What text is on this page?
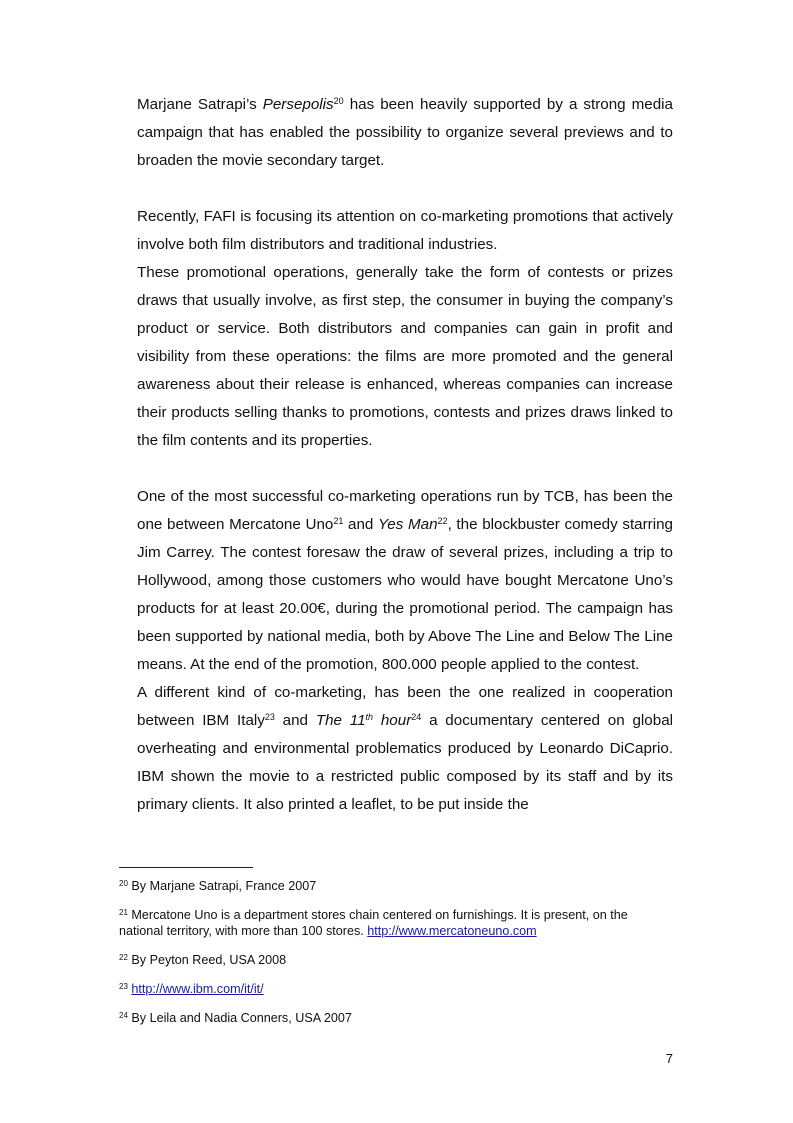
Marjane Satrapi’s Persepolis$^{20}$ has been heavily supported by a strong media campaign that has enabled the possibility to organize several previews and to broaden the movie secondary target.

Recently, FAFI is focusing its attention on co-marketing promotions that actively involve both film distributors and traditional industries.

These promotional operations, generally take the form of contests or prizes draws that usually involve, as first step, the consumer in buying the company’s product or service. Both distributors and companies can gain in profit and visibility from these operations: the films are more promoted and the general awareness about their release is enhanced, whereas companies can increase their products selling thanks to promotions, contests and prizes draws linked to the film contents and its properties.

One of the most successful co-marketing operations run by TCB, has been the one between Mercatone Uno$^{21}$ and Yes Man$^{22}$, the blockbuster comedy starring Jim Carrey. The contest foresaw the draw of several prizes, including a trip to Hollywood, among those customers who would have bought Mercatone Uno’s products for at least 20.00€, during the promotional period. The campaign has been supported by national media, both by Above The Line and Below The Line means. At the end of the promotion, 800.000 people applied to the contest.

A different kind of co-marketing, has been the one realized in cooperation between IBM Italy$^{23}$ and The 11th hour$^{24}$ a documentary centered on global overheating and environmental problematics produced by Leonardo DiCaprio. IBM shown the movie to a restricted public composed by its staff and by its primary clients. It also printed a leaflet, to be put inside the

$^{20}$ By Marjane Satrapi, France 2007

$^{21}$ Mercatone Uno is a department stores chain centered on furnishings. It is present, on the national territory, with more than 100 stores. http://www.mercatoneuno.com

$^{22}$ By Peyton Reed, USA 2008

$^{23}$ http://www.ibm.com/it/it/

$^{24}$ By Leila and Nadia Conners, USA 2007

7
